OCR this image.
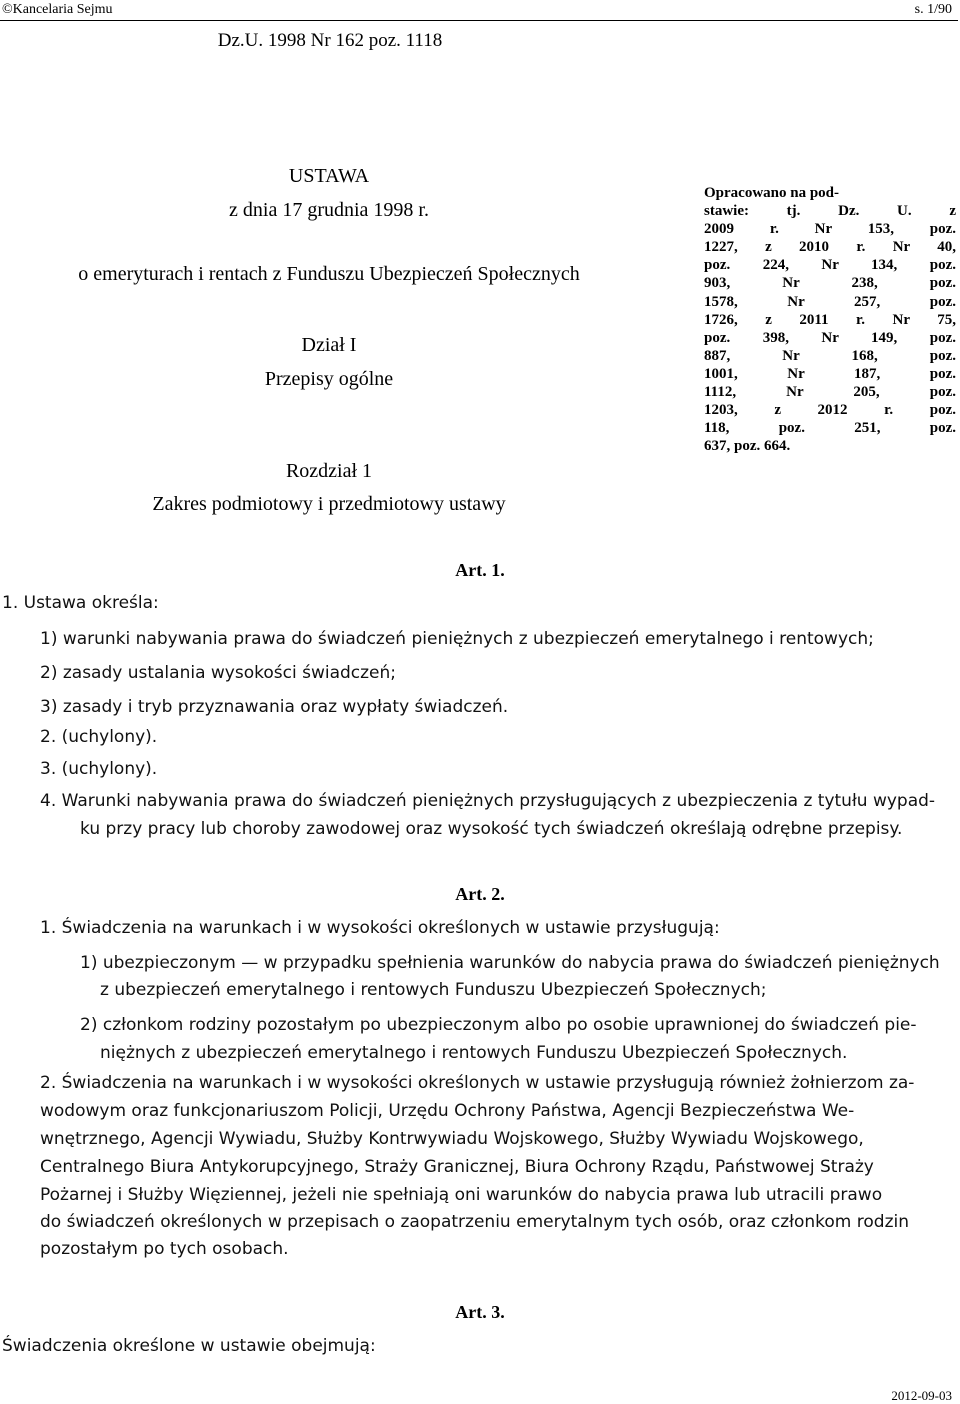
©Kancelaria Sejmu	s. 1/90
Dz.U. 1998 Nr 162 poz. 1118
USTAWA
z dnia 17 grudnia 1998 r.
o emeryturach i rentach z Funduszu Ubezpieczeń Społecznych
Dział I
Przepisy ogólne
Rozdział 1
Zakres podmiotowy i przedmiotowy ustawy
Opracowano na pod-
stawie: tj. Dz. U. z
2009 r. Nr 153, poz.
1227, z 2010 r. Nr 40,
poz. 224, Nr 134, poz.
903, Nr 238, poz.
1578, Nr 257, poz.
1726, z 2011 r. Nr 75,
poz. 398, Nr 149, poz.
887, Nr 168, poz.
1001, Nr 187, poz.
1112, Nr 205, poz.
1203, z 2012 r. poz.
118, poz. 251, poz.
637, poz. 664.
Art. 1.
1. Ustawa określa:
1) warunki nabywania prawa do świadczeń pieniężnych z ubezpieczeń emerytalnego i rentowych;
2) zasady ustalania wysokości świadczeń;
3) zasady i tryb przyznawania oraz wypłaty świadczeń.
2. (uchylony).
3. (uchylony).
4. Warunki nabywania prawa do świadczeń pieniężnych przysługujących z ubezpieczenia z tytułu wypad-
ku przy pracy lub choroby zawodowej oraz wysokość tych świadczeń określają odrębne przepisy.
Art. 2.
1. Świadczenia na warunkach i w wysokości określonych w ustawie przysługują:
1) ubezpieczonym — w przypadku spełnienia warunków do nabycia prawa do świadczeń pieniężnych
z ubezpieczeń emerytalnego i rentowych Funduszu Ubezpieczeń Społecznych;
2) członkom rodziny pozostałym po ubezpieczonym albo po osobie uprawnionej do świadczeń pie-
niężnych z ubezpieczeń emerytalnego i rentowych Funduszu Ubezpieczeń Społecznych.
2. Świadczenia na warunkach i w wysokości określonych w ustawie przysługują również żołnierzom za-
wodowym oraz funkcjonariuszom Policji, Urzędu Ochrony Państwa, Agencji Bezpieczeństwa We-
wnętrznego, Agencji Wywiadu, Służby Kontrwywiadu Wojskowego, Służby Wywiadu Wojskowego,
Centralnego Biura Antykorupcyjnego, Straży Granicznej, Biura Ochrony Rządu, Państwowej Straży
Pożarnej i Służby Więziennej, jeżeli nie spełniają oni warunków do nabycia prawa lub utracili prawo
do świadczeń określonych w przepisach o zaopatrzeniu emerytalnym tych osób, oraz członkom rodzin
pozostałym po tych osobach.
Art. 3.
Świadczenia określone w ustawie obejmują:
2012-09-03
